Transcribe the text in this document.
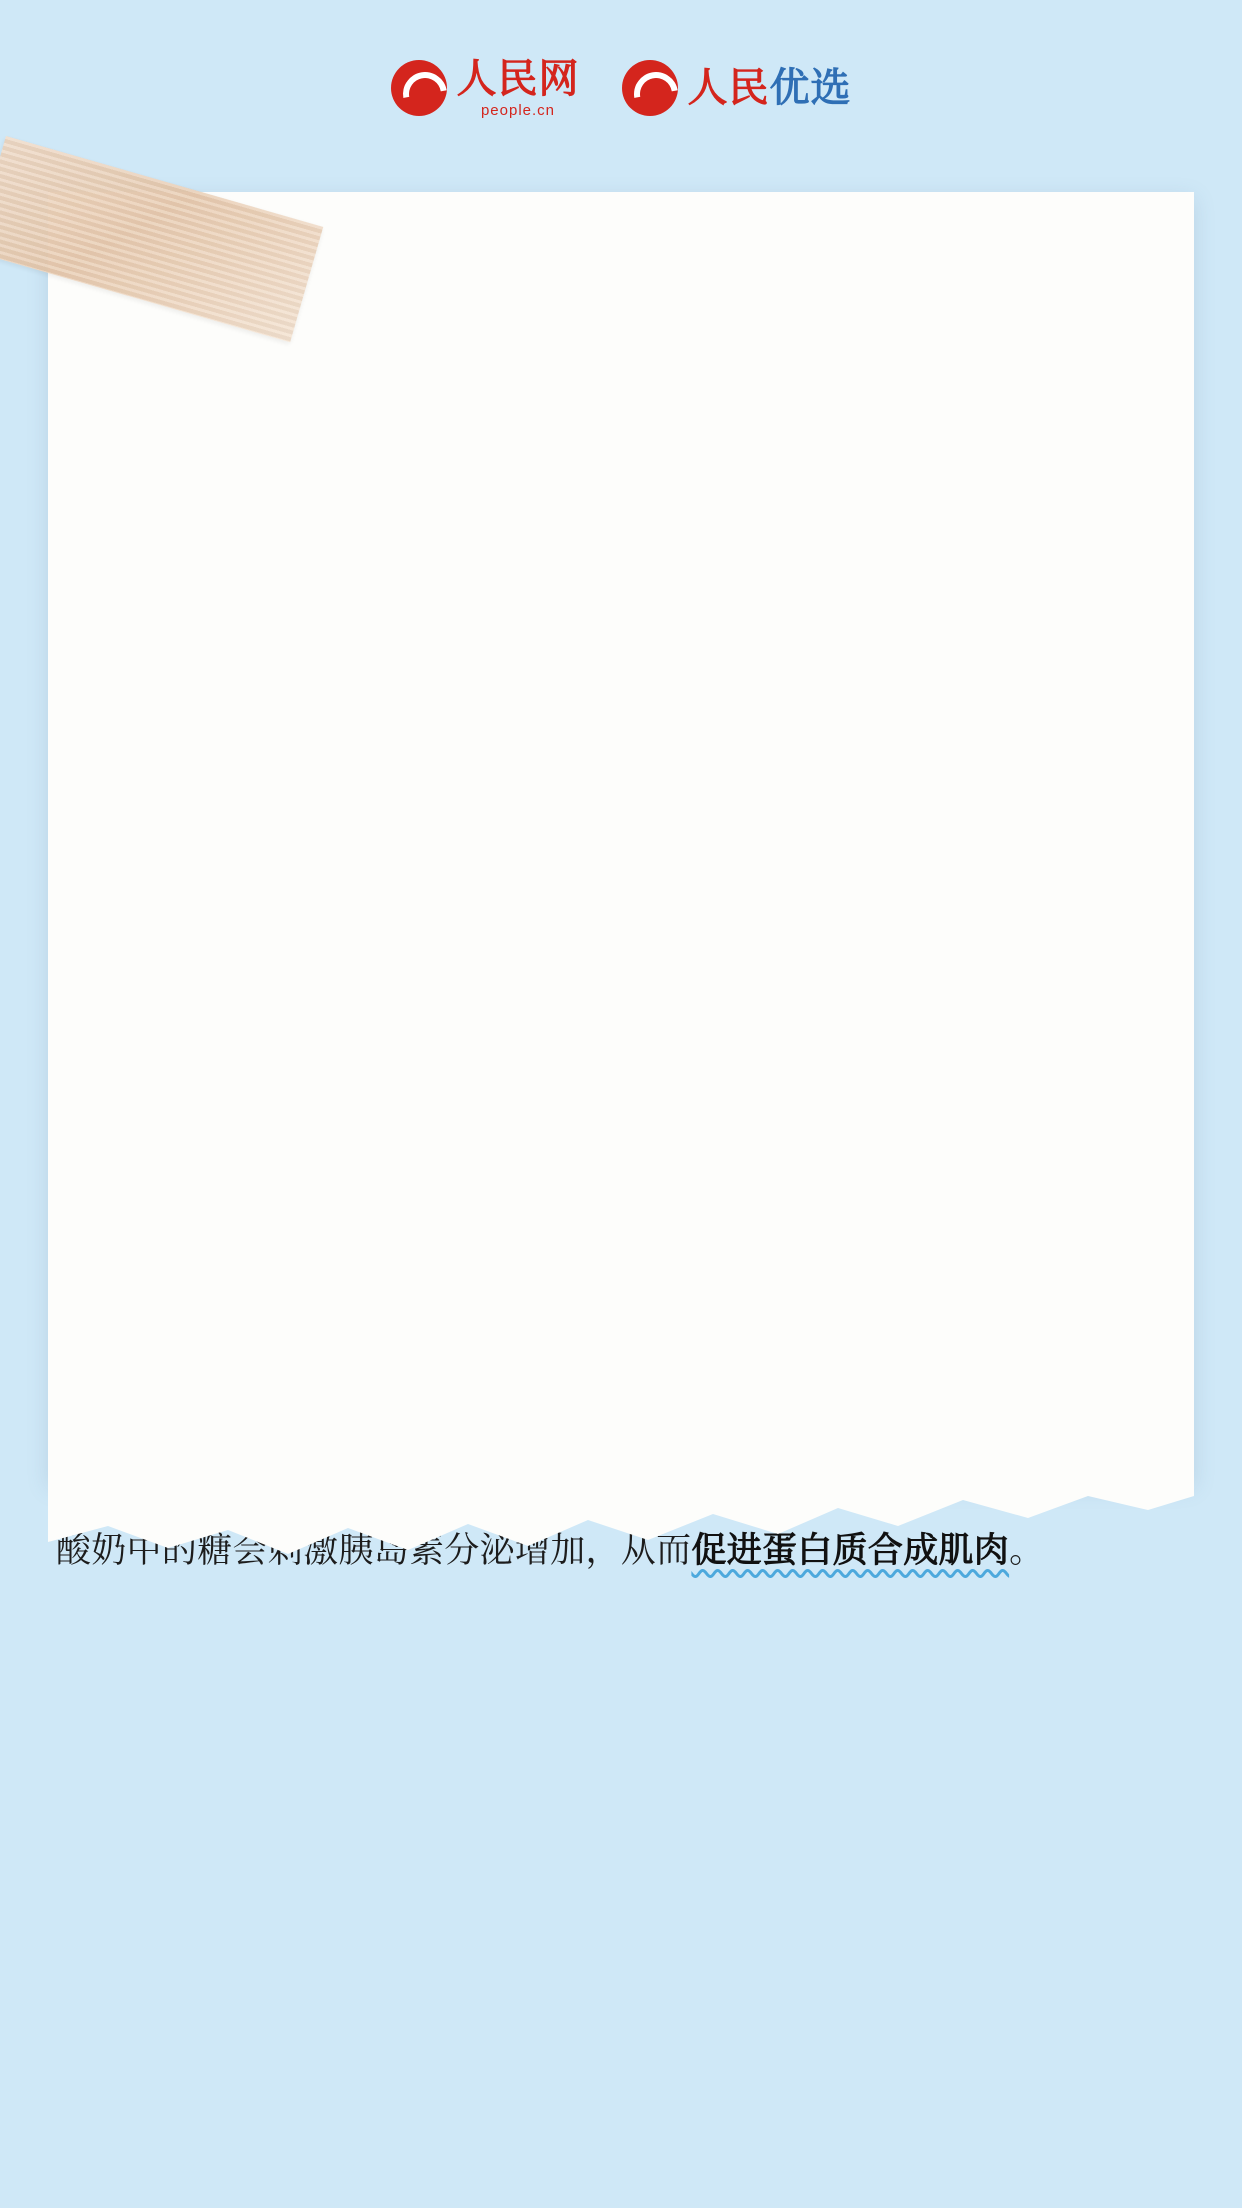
人民网
people.cn	人民优选

酸奶中的糖会刺激胰岛素分泌增加，从而促进蛋白质合成肌肉。
